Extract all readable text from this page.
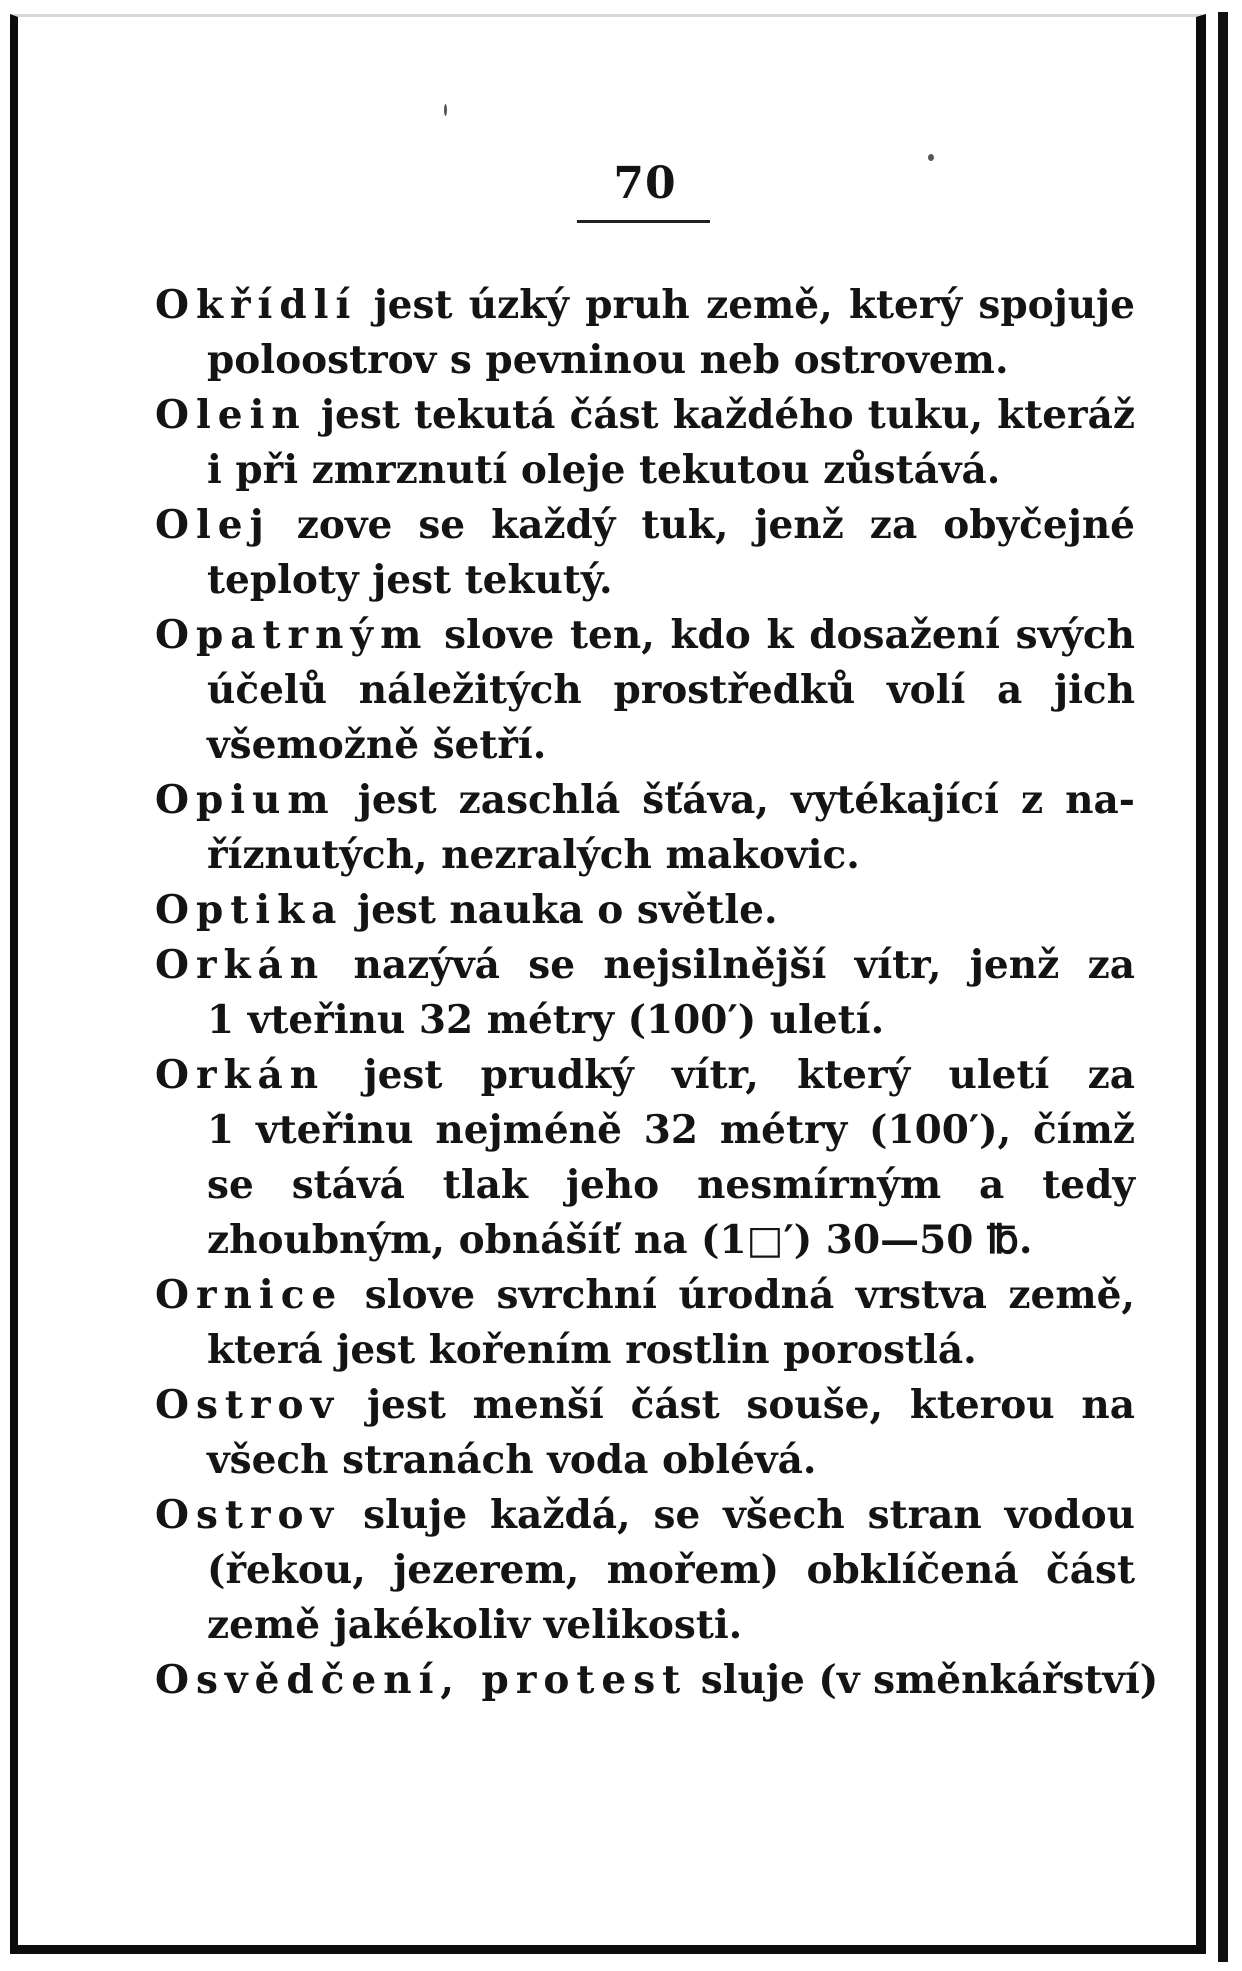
70
Okřídlí jest úzký pruh země, který spojuje
poloostrov s pevninou neb ostrovem.
Olein jest tekutá část každého tuku, kteráž
i při zmrznutí oleje tekutou zůstává.
Olej zove se každý tuk, jenž za obyčejné
teploty jest tekutý.
Opatrným slove ten, kdo k dosažení svých
účelů náležitých prostředků volí a jich
všemožně šetří.
Opium jest zaschlá šťáva, vytékající z na-
říznutých, nezralých makovic.
Optika jest nauka o světle.
Orkán nazývá se nejsilnější vítr, jenž za
1 vteřinu 32 métry (100′) uletí.
Orkán jest prudký vítr, který uletí za
1 vteřinu nejméně 32 métry (100′), čímž
se stává tlak jeho nesmírným a tedy
zhoubným, obnášíť na (1□′) 30—50 ℔.
Ornice slove svrchní úrodná vrstva země,
která jest kořením rostlin porostlá.
Ostrov jest menší část souše, kterou na
všech stranách voda oblévá.
Ostrov sluje každá, se všech stran vodou
(řekou, jezerem, mořem) obklíčená část
země jakékoliv velikosti.
Osvědčení, protest sluje (v směnkářství)
